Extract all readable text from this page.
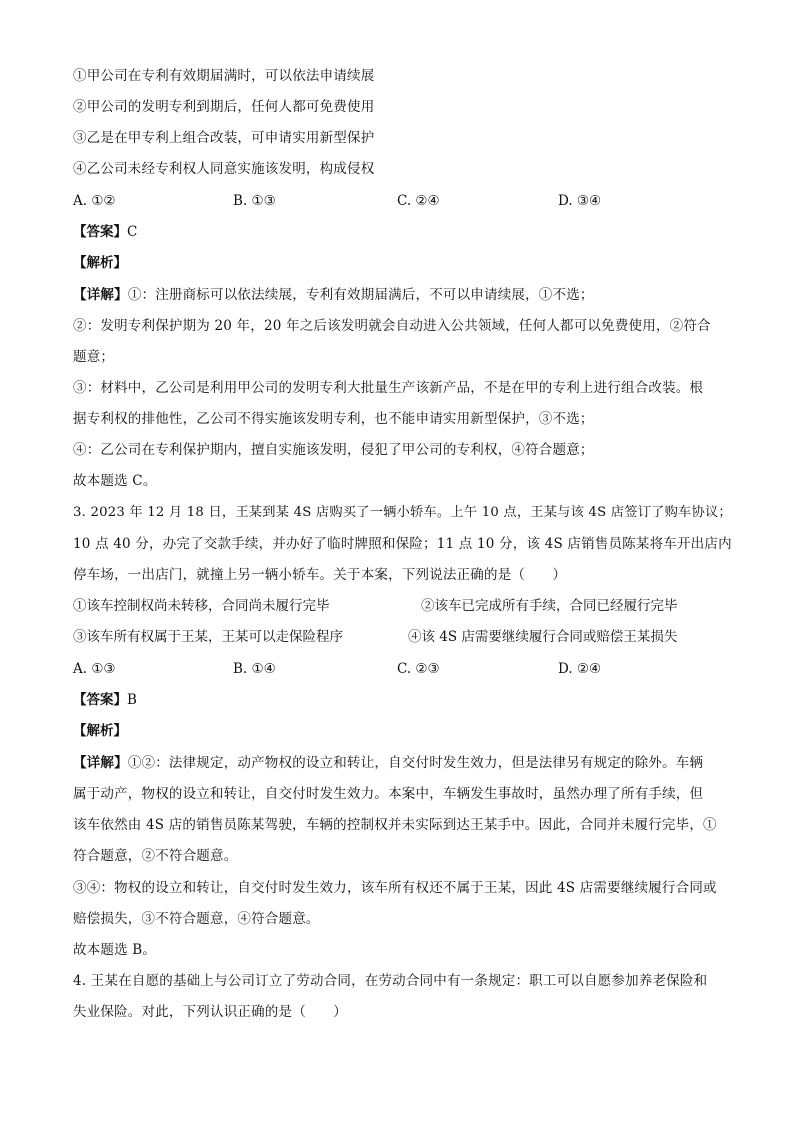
①甲公司在专利有效期届满时，可以依法申请续展
②甲公司的发明专利到期后，任何人都可免费使用
③乙是在甲专利上组合改装，可申请实用新型保护
④乙公司未经专利权人同意实施该发明，构成侵权
A. ①②	B. ①③	C. ②④	D. ③④
【答案】C
【解析】
【详解】①：注册商标可以依法续展，专利有效期届满后，不可以申请续展，①不选；
②：发明专利保护期为 20 年，20 年之后该发明就会自动进入公共领域，任何人都可以免费使用，②符合
题意；
③：材料中，乙公司是利用甲公司的发明专利大批量生产该新产品，不是在甲的专利上进行组合改装。根
据专利权的排他性，乙公司不得实施该发明专利，也不能申请实用新型保护，③不选；
④：乙公司在专利保护期内，擅自实施该发明，侵犯了甲公司的专利权，④符合题意；
故本题选 C。
3. 2023 年 12 月 18 日，王某到某 4S 店购买了一辆小轿车。上午 10 点，王某与该 4S 店签订了购车协议；
10 点 40 分，办完了交款手续，并办好了临时牌照和保险；11 点 10 分，该 4S 店销售员陈某将车开出店内
停车场，一出店门，就撞上另一辆小轿车。关于本案，下列说法正确的是（　　）
①该车控制权尚未转移，合同尚未履行完毕	②该车已完成所有手续，合同已经履行完毕
③该车所有权属于王某，王某可以走保险程序	④该 4S 店需要继续履行合同或赔偿王某损失
A. ①③	B. ①④	C. ②③	D. ②④
【答案】B
【解析】
【详解】①②：法律规定，动产物权的设立和转让，自交付时发生效力，但是法律另有规定的除外。车辆
属于动产，物权的设立和转让，自交付时发生效力。本案中，车辆发生事故时，虽然办理了所有手续，但
该车依然由 4S 店的销售员陈某驾驶，车辆的控制权并未实际到达王某手中。因此，合同并未履行完毕，①
符合题意，②不符合题意。
③④：物权的设立和转让，自交付时发生效力，该车所有权还不属于王某，因此 4S 店需要继续履行合同或
赔偿损失，③不符合题意，④符合题意。
故本题选 B。
4. 王某在自愿的基础上与公司订立了劳动合同，在劳动合同中有一条规定：职工可以自愿参加养老保险和
失业保险。对此，下列认识正确的是（　　）
